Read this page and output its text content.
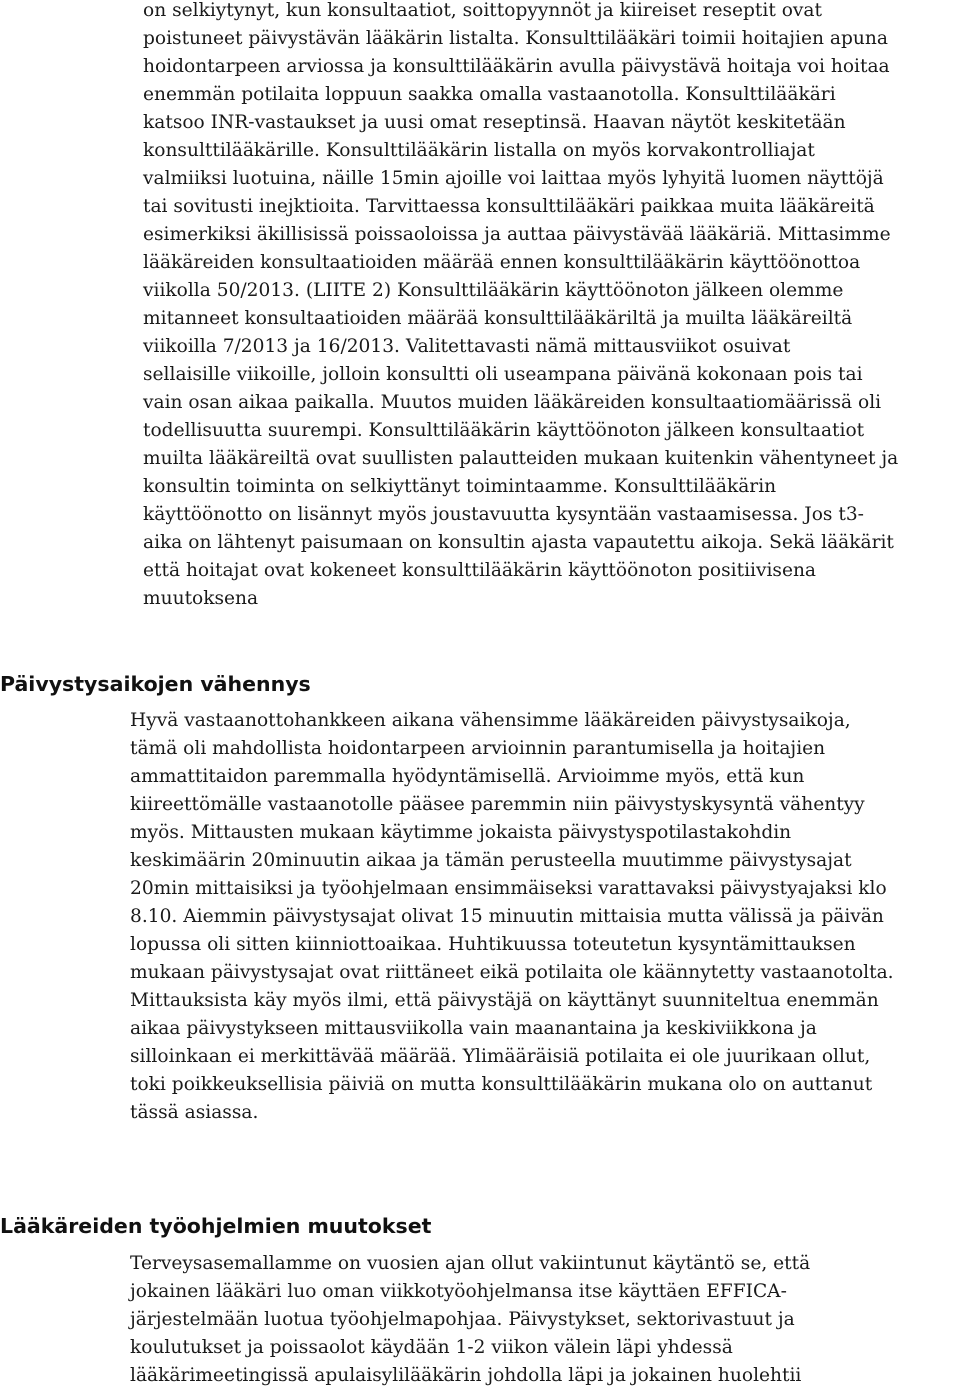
on selkiytynyt, kun konsultaatiot, soittopyynnöt ja kiireiset reseptit ovat
poistuneet päivystävän lääkärin listalta. Konsulttilääkäri toimii hoitajien apuna
hoidontarpeen arviossa ja konsulttilääkärin avulla päivystävä hoitaja voi hoitaa
enemmän potilaita loppuun saakka omalla vastaanotolla. Konsulttilääkäri
katsoo INR-vastaukset ja uusi omat reseptinsä. Haavan näytöt keskitetään
konsulttilääkärille. Konsulttilääkärin listalla on myös korvakontrolliajat
valmiiksi luotuina, näille 15min ajoille voi laittaa myös lyhyitä luomen näyttöjä
tai sovitusti inejktioita. Tarvittaessa konsulttilääkäri paikkaa muita lääkäreitä
esimerkiksi äkillisissä poissaoloissa ja auttaa päivystävää lääkäriä. Mittasimme
lääkäreiden konsultaatioiden määrää ennen konsulttilääkärin käyttöönottoa
viikolla 50/2013. (LIITE 2) Konsulttilääkärin käyttöönoton jälkeen olemme
mitanneet konsultaatioiden määrää konsulttilääkäriltä ja muilta lääkäreiltä
viikoilla 7/2013 ja 16/2013. Valitettavasti nämä mittausviikot osuivat
sellaisille viikoille, jolloin konsultti oli useampana päivänä kokonaan pois tai
vain osan aikaa paikalla. Muutos muiden lääkäreiden konsultaatiomäärissä oli
todellisuutta suurempi. Konsulttilääkärin käyttöönoton jälkeen konsultaatiot
muilta lääkäreiltä ovat suullisten palautteiden mukaan kuitenkin vähentyneet ja
konsultin toiminta on selkiyttänyt toimintaamme. Konsulttilääkärin
käyttöönotto on lisännyt myös joustavuutta kysyntään vastaamisessa. Jos t3-
aika on lähtenyt paisumaan on konsultin ajasta vapautettu aikoja. Sekä lääkärit
että hoitajat ovat kokeneet konsulttilääkärin käyttöönoton positiivisena
muutoksena
Päivystysaikojen vähennys
Hyvä vastaanottohankkeen aikana vähensimme lääkäreiden päivystysaikoja,
tämä oli mahdollista hoidontarpeen arvioinnin parantumisella ja hoitajien
ammattitaidon paremmalla hyödyntämisellä. Arvioimme myös, että kun
kiireettömälle vastaanotolle pääsee paremmin niin päivystyskysyntä vähentyy
myös. Mittausten mukaan käytimme jokaista päivystyspotilastakohdin
keskimäärin 20minuutin aikaa ja tämän perusteella muutimme päivystysajat
20min mittaisiksi ja työohjelmaan ensimmäiseksi varattavaksi päivystyajaksi klo
8.10. Aiemmin päivystysajat olivat 15 minuutin mittaisia mutta välissä ja päivän
lopussa oli sitten kiinniottoaikaa. Huhtikuussa toteutetun kysyntämittauksen
mukaan päivystysajat ovat riittäneet eikä potilaita ole käännytetty vastaanotolta.
Mittauksista käy myös ilmi, että päivystäjä on käyttänyt suunniteltua enemmän
aikaa päivystykseen mittausviikolla vain maanantaina ja keskiviikkona ja
silloinkaan ei merkittävää määrää. Ylimääräisiä potilaita ei ole juurikaan ollut,
toki poikkeuksellisia päiviä on mutta konsulttilääkärin mukana olo on auttanut
tässä asiassa.
Lääkäreiden työohjelmien muutokset
Terveysasemallamme on vuosien ajan ollut vakiintunut käytäntö se, että
jokainen lääkäri luo oman viikkotyöohjelmansa itse käyttäen EFFICA-
järjestelmään luotua työohjelmapohjaa. Päivystykset, sektorivastuut ja
koulutukset ja poissaolot käydään 1-2 viikon välein läpi yhdessä
lääkärimeetingissä apulaisylilääkärin johdolla läpi ja jokainen huolehtii
